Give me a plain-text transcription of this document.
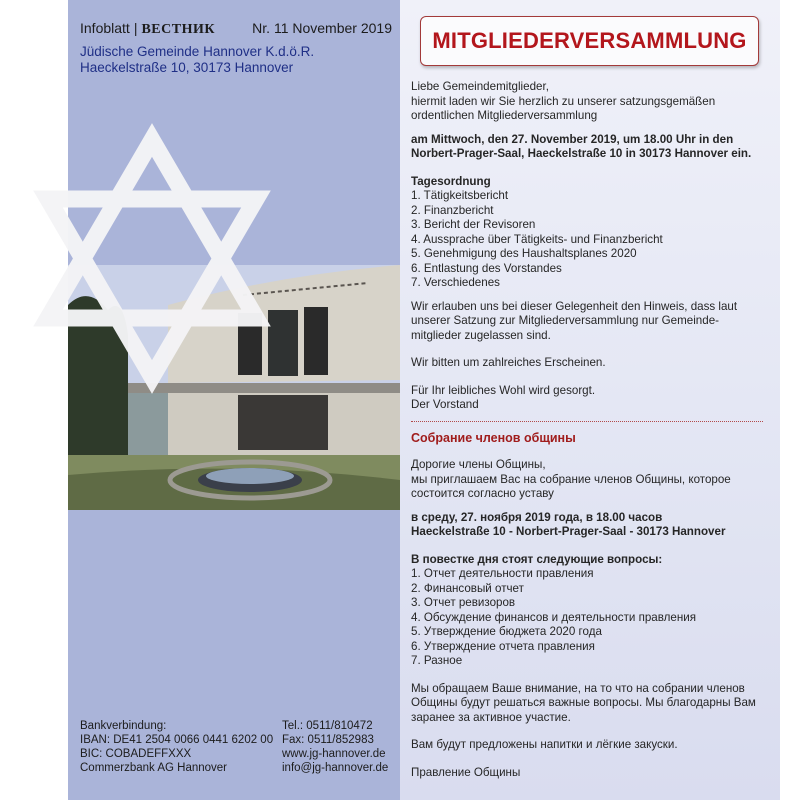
Infoblatt | ВЕСТНИК	Nr. 11 November 2019
Jüdische Gemeinde Hannover K.d.ö.R.
Haeckelstraße 10, 30173 Hannover
Bankverbindung:
IBAN: DE41 2504 0066 0441 6202 00
BIC: COBADEFFXXX
Commerzbank AG Hannover
Tel.: 0511/810472
Fax: 0511/852983
www.jg-hannover.de
info@jg-hannover.de
MITGLIEDERVERSAMMLUNG

Liebe Gemeindemitglieder,

hiermit laden wir Sie herzlich zu unserer satzungsgemäßen

ordentlichen Mitgliederversammlung

am Mittwoch, den 27. November 2019, um 18.00 Uhr in den

Norbert-Prager-Saal, Haeckelstraße 10 in 30173 Hannover ein.

Tagesordnung

1. Tätigkeitsbericht
2. Finanzbericht
3. Bericht der Revisoren
4. Aussprache über Tätigkeits- und Finanzbericht
5. Genehmigung des Haushaltsplanes 2020
6. Entlastung des Vorstandes
7. Verschiedenes

Wir erlauben uns bei dieser Gelegenheit den Hinweis, dass laut

unserer Satzung zur Mitgliederversammlung nur Gemeinde-

mitglieder zugelassen sind.

Wir bitten um zahlreiches Erscheinen.

Für Ihr leibliches Wohl wird gesorgt.

Der Vorstand

Собрание членов общины

Дорогие члены Общины,

мы приглашаем Вас на собрание членов Общины, которое

состоится согласно уставу

в среду, 27. ноября 2019 года, в 18.00 часов

Haeckelstraße 10 - Norbert-Prager-Saal - 30173 Hannover

В повестке дня стоят следующие вопросы:

1. Отчет деятельности правления
2. Финансовый отчет
3. Отчет ревизоров
4. Обсуждение финансов и деятельности правления
5. Утверждение бюджета 2020 года
6. Утверждение отчета правления
7. Разное

Мы обращаем Ваше внимание, на то что на собрании членов

Общины будут решаться важные вопросы. Мы благодарны Вам

заранее за активное участие.

Вам будут предложены напитки и лёгкие закуски.

Правление Общины
